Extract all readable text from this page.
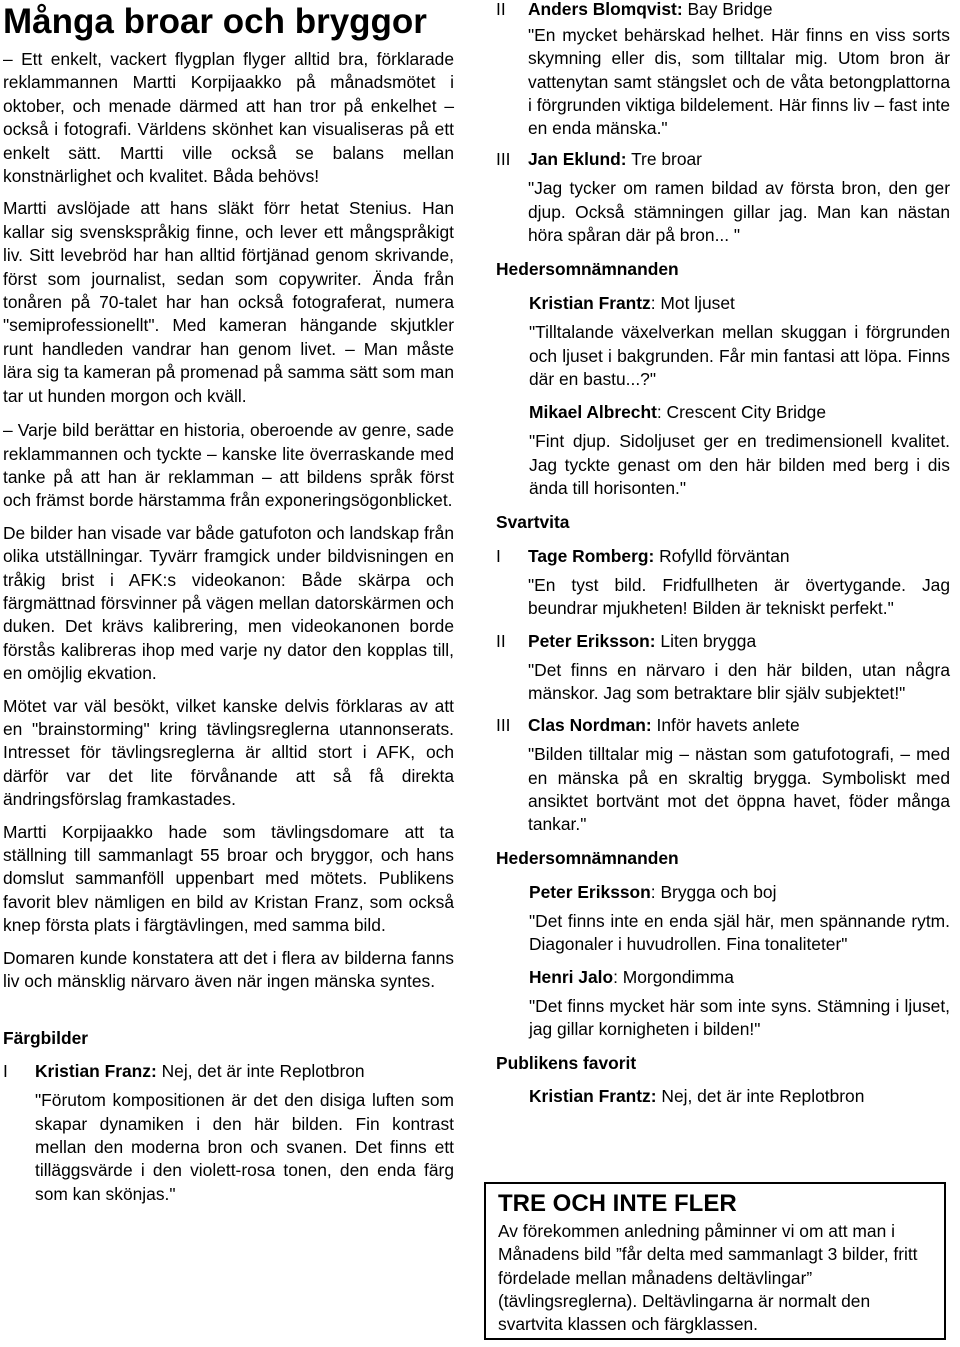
Många broar och bryggor

– Ett enkelt, vackert flygplan flyger alltid bra, förklarade reklammannen Martti Korpijaakko på månadsmötet i oktober, och menade därmed att han tror på enkelhet – också i fotografi. Världens skönhet kan visualiseras på ett enkelt sätt. Martti ville också se balans mellan konstnärlighet och kvalitet. Båda behövs!

Martti avslöjade att hans släkt förr hetat Stenius. Han kallar sig svenskspråkig finne, och lever ett mångspråkigt liv. Sitt levebröd har han alltid förtjänad genom skrivande, först som journalist, sedan som copywriter. Ända från tonåren på 70-talet har han också fotograferat, numera "semiprofessionellt". Med kameran hängande skjutkler runt handleden vandrar han genom livet. – Man måste lära sig ta kameran på promenad på samma sätt som man tar ut hunden morgon och kväll.

– Varje bild berättar en historia, oberoende av genre, sade reklammannen och tyckte – kanske lite överraskande med tanke på att han är reklamman – att bildens språk först och främst borde härstamma från exponeringsögonblicket.

De bilder han visade var både gatufoton och landskap från olika utställningar. Tyvärr framgick under bildvisningen en tråkig brist i AFK:s videokanon: Både skärpa och färgmättnad försvinner på vägen mellan datorskärmen och duken. Det krävs kalibrering, men videokanonen borde förstås kalibreras ihop med varje ny dator den kopplas till, en omöjlig ekvation.

Mötet var väl besökt, vilket kanske delvis förklaras av att en "brainstorming" kring tävlingsreglerna utannonserats. Intresset för tävlingsreglerna är alltid stort i AFK, och därför var det lite förvånande att så få direkta ändringsförslag framkastades.

Martti Korpijaakko hade som tävlingsdomare att ta ställning till sammanlagt 55 broar och bryggor, och hans domslut sammanföll uppenbart med mötets. Publikens favorit blev nämligen en bild av Kristan Franz, som också knep första plats i färgtävlingen, med samma bild.

Domaren kunde konstatera att det i flera av bilderna fanns liv och mänsklig närvaro även när ingen mänska syntes.

Färgbilder

I	Kristian Franz: Nej, det är inte Replotbron

"Förutom kompositionen är det den disiga luften som skapar dynamiken i den här bilden. Fin kontrast mellan den moderna bron och svanen. Det finns ett tilläggsvärde i den violett-rosa tonen, den enda färg som kan skönjas."

II	Anders Blomqvist: Bay Bridge

"En mycket behärskad helhet. Här finns en viss sorts skymning eller dis, som tilltalar mig. Utom bron är vattenytan samt stängslet och de våta betongplattorna i förgrunden viktiga bildelement. Här finns liv – fast inte en enda mänska."

III	Jan Eklund: Tre broar

"Jag tycker om ramen bildad av första bron, den ger djup. Också stämningen gillar jag. Man kan nästan höra spåran där på bron... "

Hedersomnämnanden

Kristian Frantz: Mot ljuset

"Tilltalande växelverkan mellan skuggan i förgrunden och ljuset i bakgrunden. Får min fantasi att löpa. Finns där en bastu...?"

Mikael Albrecht: Crescent City Bridge

"Fint djup. Sidoljuset ger en tredimensionell kvalitet. Jag tyckte genast om den här bilden med berg i dis ända till horisonten."

Svartvita

I	Tage Romberg: Rofylld förväntan

"En tyst bild. Fridfullheten är övertygande. Jag beundrar mjukheten! Bilden är tekniskt perfekt."

II	Peter Eriksson: Liten brygga

"Det finns en närvaro i den här bilden, utan några mänskor. Jag som betraktare blir själv subjektet!"

III	Clas Nordman: Inför havets anlete

"Bilden tilltalar mig – nästan som gatufotografi, – med en mänska på en skraltig brygga. Symboliskt med ansiktet bortvänt mot det öppna havet, föder många tankar."

Hedersomnämnanden

Peter Eriksson: Brygga och boj

"Det finns inte en enda själ här, men spännande rytm. Diagonaler i huvudrollen. Fina tonaliteter"

Henri Jalo: Morgondimma

"Det finns mycket här som inte syns. Stämning i ljuset, jag gillar kornigheten i bilden!"

Publikens favorit

Kristian Frantz: Nej, det är inte Replotbron

TRE OCH INTE FLER

Av förekommen anledning påminner vi om att man i Månadens bild ”får delta med sammanlagt 3 bilder, fritt fördelade mellan månadens deltävlingar” (tävlingsreglerna). Deltävlingarna är normalt den svartvita klassen och färgklassen.
